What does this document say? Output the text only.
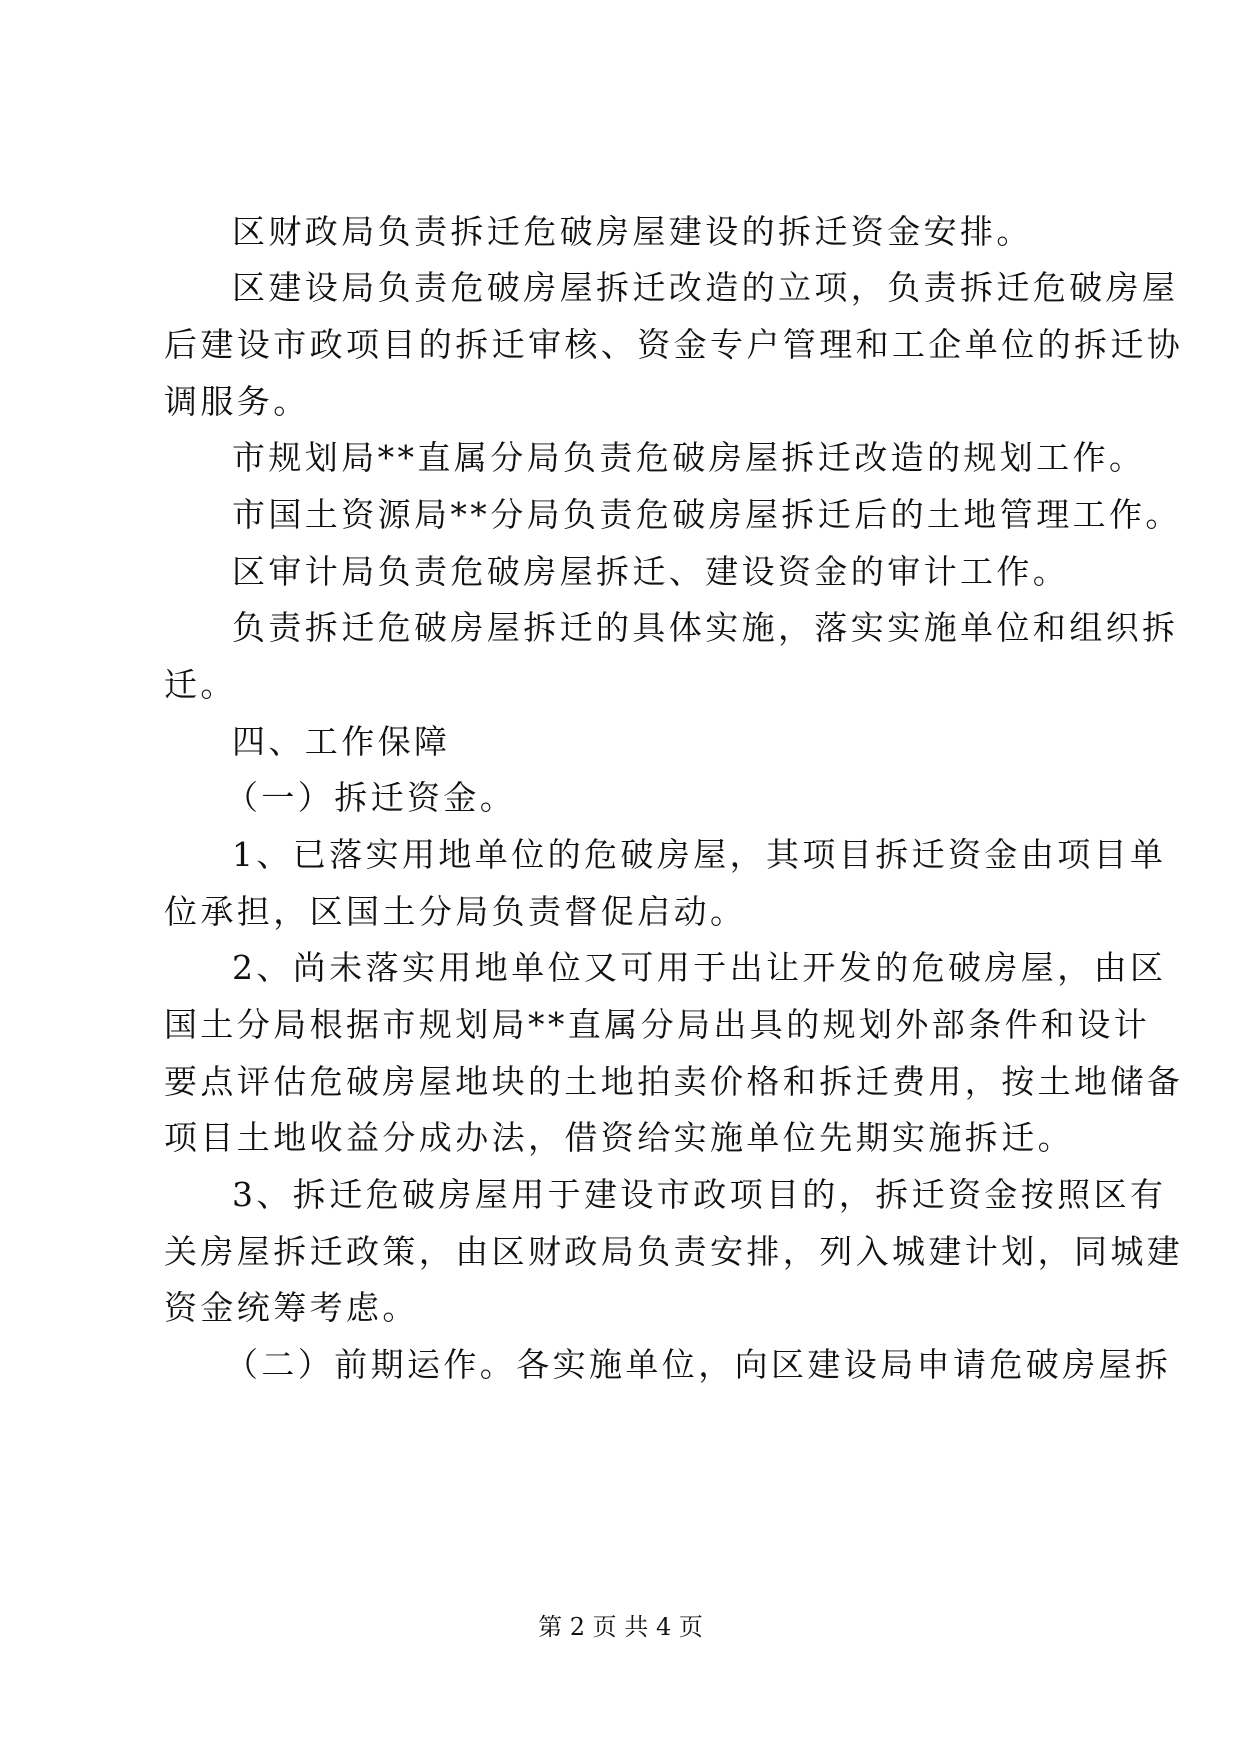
区财政局负责拆迁危破房屋建设的拆迁资金安排。
区建设局负责危破房屋拆迁改造的立项，负责拆迁危破房屋
后建设市政项目的拆迁审核、资金专户管理和工企单位的拆迁协
调服务。
市规划局**直属分局负责危破房屋拆迁改造的规划工作。
市国土资源局**分局负责危破房屋拆迁后的土地管理工作。
区审计局负责危破房屋拆迁、建设资金的审计工作。
负责拆迁危破房屋拆迁的具体实施，落实实施单位和组织拆
迁。
四、工作保障
（一）拆迁资金。
1、已落实用地单位的危破房屋，其项目拆迁资金由项目单
位承担，区国土分局负责督促启动。
2、尚未落实用地单位又可用于出让开发的危破房屋，由区
国土分局根据市规划局**直属分局出具的规划外部条件和设计
要点评估危破房屋地块的土地拍卖价格和拆迁费用，按土地储备
项目土地收益分成办法，借资给实施单位先期实施拆迁。
3、拆迁危破房屋用于建设市政项目的，拆迁资金按照区有
关房屋拆迁政策，由区财政局负责安排，列入城建计划，同城建
资金统筹考虑。
（二）前期运作。各实施单位，向区建设局申请危破房屋拆
第 2 页 共 4 页
